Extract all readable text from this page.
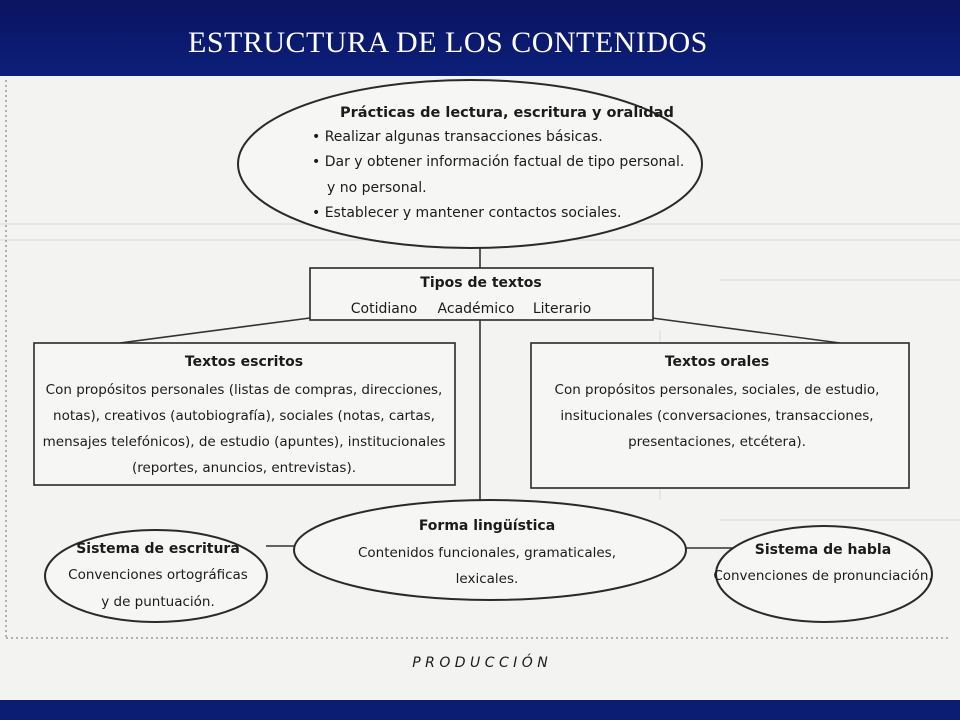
ESTRUCTURA DE LOS CONTENIDOS
Prácticas de lectura, escritura y oralidad
• Realizar algunas transacciones básicas.
• Dar y obtener información factual de tipo personal.
y no personal.
• Establecer y mantener contactos sociales.
Tipos de textos
Cotidiano Académico Literario
Textos escritos
Con propósitos personales (listas de compras, direcciones,
notas), creativos (autobiografía), sociales (notas, cartas,
mensajes telefónicos), de estudio (apuntes), institucionales
(reportes, anuncios, entrevistas).
Textos orales
Con propósitos personales, sociales, de estudio,
insitucionales (conversaciones, transacciones,
presentaciones, etcétera).
Forma lingüística
Contenidos funcionales, gramaticales,
lexicales.
Sistema de escritura
Convenciones ortográficas
y de puntuación.
Sistema de habla
Convenciones de pronunciación.
P R O D U C C I Ó N
